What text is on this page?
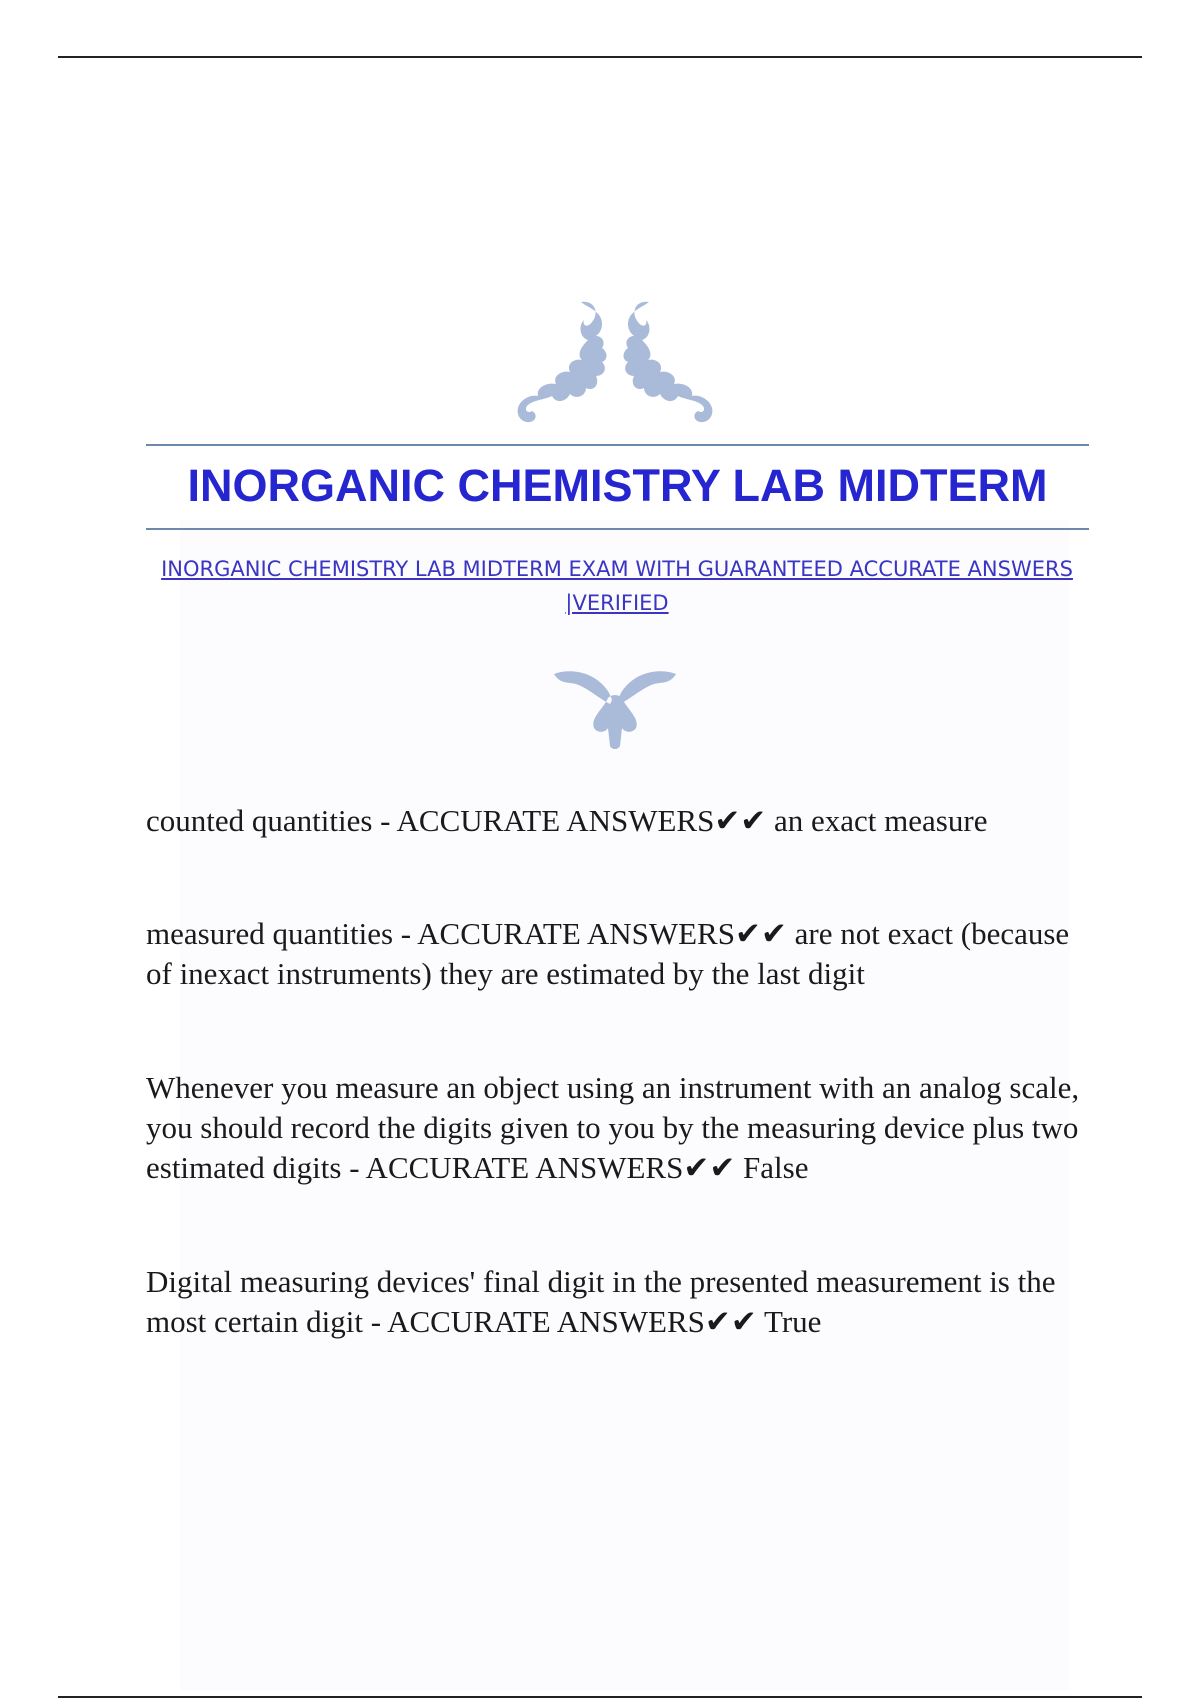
INORGANIC CHEMISTRY LAB MIDTERM

INORGANIC CHEMISTRY LAB MIDTERM EXAM WITH GUARANTEED ACCURATE ANSWERS |VERIFIED

counted quantities - ACCURATE ANSWERS✔✔ an exact measure

measured quantities - ACCURATE ANSWERS✔✔ are not exact (because of inexact instruments) they are estimated by the last digit

Whenever you measure an object using an instrument with an analog scale, you should record the digits given to you by the measuring device plus two estimated digits - ACCURATE ANSWERS✔✔ False

Digital measuring devices' final digit in the presented measurement is the most certain digit - ACCURATE ANSWERS✔✔ True
